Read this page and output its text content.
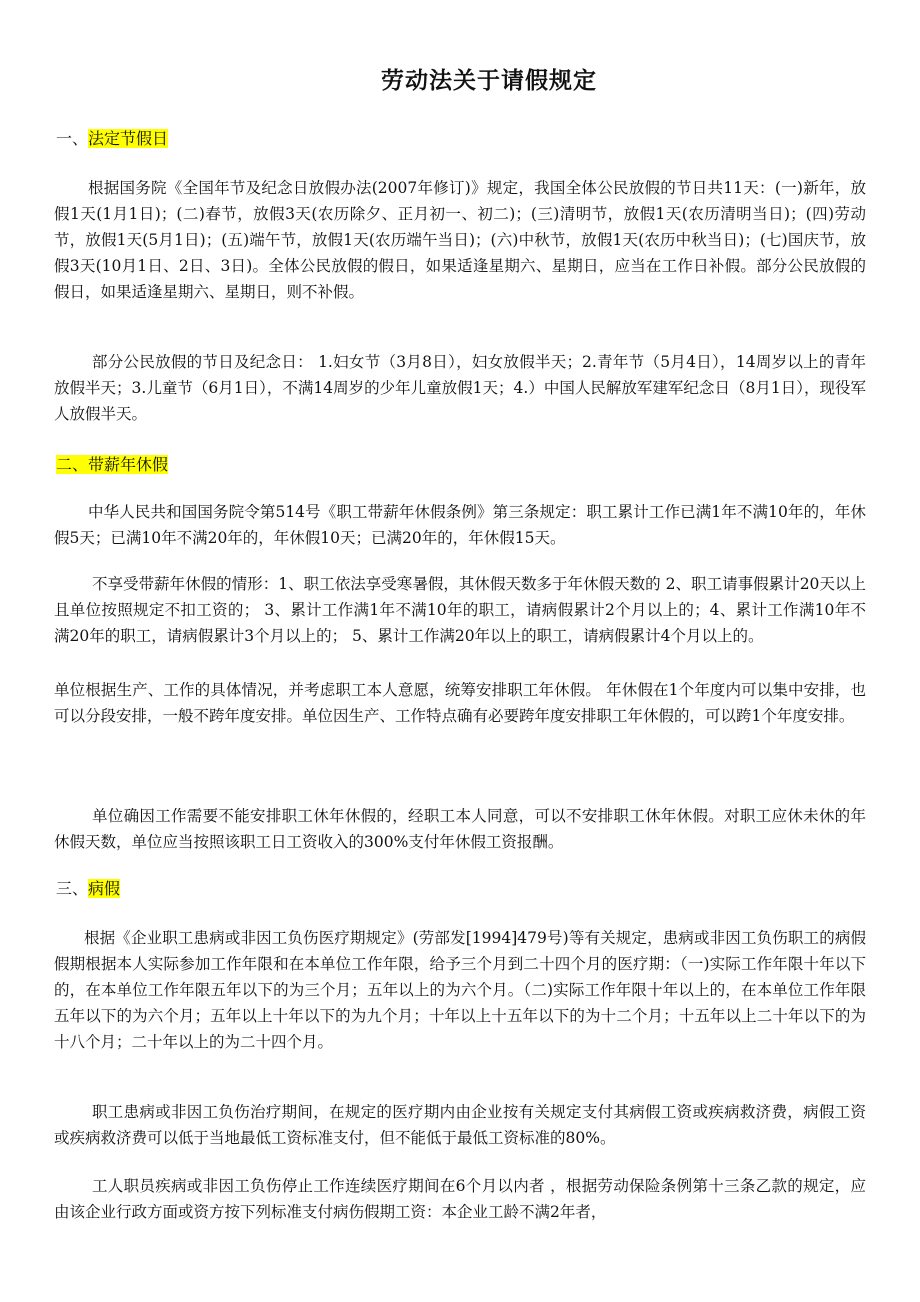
劳动法关于请假规定
一、法定节假日

根据国务院《全国年节及纪念日放假办法(2007年修订)》规定，我国全体公民放假的节日共11天：(一)新年，放假1天(1月1日)；(二)春节，放假3天(农历除夕、正月初一、初二)；(三)清明节，放假1天(农历清明当日)；(四)劳动节，放假1天(5月1日)；(五)端午节，放假1天(农历端午当日)；(六)中秋节，放假1天(农历中秋当日)；(七)国庆节，放假3天(10月1日、2日、3日)。全体公民放假的假日，如果适逢星期六、星期日，应当在工作日补假。部分公民放假的假日，如果适逢星期六、星期日，则不补假。

部分公民放假的节日及纪念日： 1.妇女节（3月8日），妇女放假半天；2.青年节（5月4日），14周岁以上的青年放假半天；3.儿童节（6月1日），不满14周岁的少年儿童放假1天；4.）中国人民解放军建军纪念日（8月1日），现役军人放假半天。

二、带薪年休假

中华人民共和国国务院令第514号《职工带薪年休假条例》第三条规定：职工累计工作已满1年不满10年的，年休假5天；已满10年不满20年的，年休假10天；已满20年的，年休假15天。

不享受带薪年休假的情形：1、职工依法享受寒暑假，其休假天数多于年休假天数的 2、职工请事假累计20天以上且单位按照规定不扣工资的； 3、累计工作满1年不满10年的职工，请病假累计2个月以上的；4、累计工作满10年不满20年的职工，请病假累计3个月以上的； 5、累计工作满20年以上的职工，请病假累计4个月以上的。

单位根据生产、工作的具体情况，并考虑职工本人意愿，统筹安排职工年休假。 年休假在1个年度内可以集中安排，也可以分段安排，一般不跨年度安排。单位因生产、工作特点确有必要跨年度安排职工年休假的，可以跨1个年度安排。

单位确因工作需要不能安排职工休年休假的，经职工本人同意，可以不安排职工休年休假。对职工应休未休的年休假天数，单位应当按照该职工日工资收入的300%支付年休假工资报酬。

三、病假

根据《企业职工患病或非因工负伤医疗期规定》(劳部发[1994]479号)等有关规定，患病或非因工负伤职工的病假假期根据本人实际参加工作年限和在本单位工作年限，给予三个月到二十四个月的医疗期：（一)实际工作年限十年以下的，在本单位工作年限五年以下的为三个月；五年以上的为六个月。（二)实际工作年限十年以上的，在本单位工作年限五年以下的为六个月；五年以上十年以下的为九个月；十年以上十五年以下的为十二个月；十五年以上二十年以下的为十八个月；二十年以上的为二十四个月。

职工患病或非因工负伤治疗期间，在规定的医疗期内由企业按有关规定支付其病假工资或疾病救济费，病假工资或疾病救济费可以低于当地最低工资标准支付，但不能低于最低工资标准的80%。

工人职员疾病或非因工负伤停止工作连续医疗期间在6个月以内者 ，根据劳动保险条例第十三条乙款的规定，应由该企业行政方面或资方按下列标准支付病伤假期工资：本企业工龄不满2年者，
